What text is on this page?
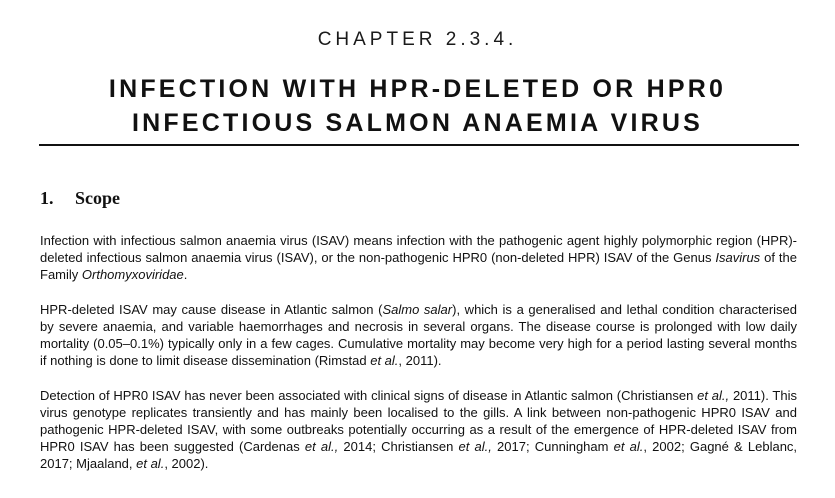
CHAPTER 2.3.4.
INFECTION WITH HPR-DELETED OR HPR0
INFECTIOUS SALMON ANAEMIA VIRUS
1. Scope

Infection with infectious salmon anaemia virus (ISAV) means infection with the pathogenic agent highly polymorphic region (HPR)-deleted infectious salmon anaemia virus (ISAV), or the non-pathogenic HPR0 (non-deleted HPR) ISAV of the Genus Isavirus of the Family Orthomyxoviridae.

HPR-deleted ISAV may cause disease in Atlantic salmon (Salmo salar), which is a generalised and lethal condition characterised by severe anaemia, and variable haemorrhages and necrosis in several organs. The disease course is prolonged with low daily mortality (0.05–0.1%) typically only in a few cages. Cumulative mortality may become very high for a period lasting several months if nothing is done to limit disease dissemination (Rimstad et al., 2011).

Detection of HPR0 ISAV has never been associated with clinical signs of disease in Atlantic salmon (Christiansen et al., 2011). This virus genotype replicates transiently and has mainly been localised to the gills. A link between non-pathogenic HPR0 ISAV and pathogenic HPR-deleted ISAV, with some outbreaks potentially occurring as a result of the emergence of HPR-deleted ISAV from HPR0 ISAV has been suggested (Cardenas et al., 2014; Christiansen et al., 2017; Cunningham et al., 2002; Gagné & Leblanc, 2017; Mjaaland, et al., 2002).
